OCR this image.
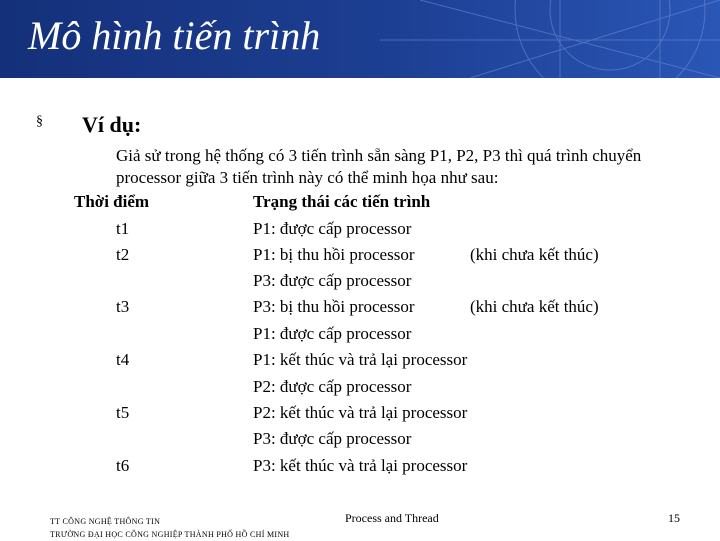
Mô hình tiến trình
§ Ví dụ:
Giả sử trong hệ thống có 3 tiến trình sẵn sàng P1, P2, P3 thì quá trình chuyển processor giữa 3 tiến trình này có thể minh họa như sau:
Thời điểm	Trạng thái các tiến trình
t1	P1: được cấp processor
t2	P1: bị thu hồi processor	(khi chưa kết thúc)
P3: được cấp processor
t3	P3: bị thu hồi processor	(khi chưa kết thúc)
P1: được cấp processor
t4	P1: kết thúc và trả lại processor
P2: được cấp processor
t5	P2: kết thúc và trả lại processor
P3: được cấp processor
t6	P3: kết thúc và trả lại processor
TT CÔNG NGHỆ THÔNG TIN
TRƯỜNG ĐẠI HỌC CÔNG NGHIỆP THÀNH PHỐ HỒ CHÍ MINH
Process and Thread	15
